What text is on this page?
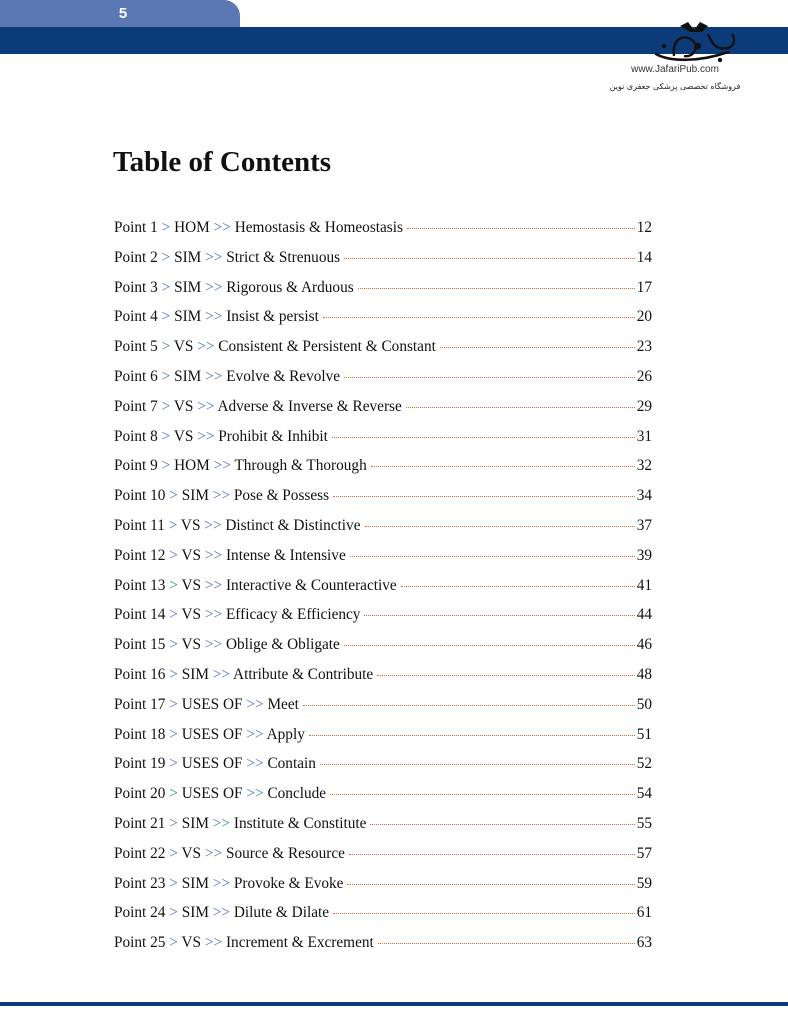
5
www.JafariPub.com
فروشگاه تخصصی پزشکی جعفری نوین
Table of Contents
Point 1 > HOM >> Hemostasis & Homeostasis	12
Point 2 > SIM >> Strict & Strenuous	14
Point 3 > SIM >> Rigorous & Arduous	17
Point 4 > SIM >> Insist & persist	20
Point 5 > VS >> Consistent & Persistent & Constant	23
Point 6 > SIM >> Evolve & Revolve	26
Point 7 > VS >> Adverse & Inverse & Reverse	29
Point 8 > VS >> Prohibit & Inhibit	31
Point 9 > HOM >> Through & Thorough	32
Point 10 > SIM >> Pose & Possess	34
Point 11 > VS >> Distinct & Distinctive	37
Point 12 > VS >> Intense & Intensive	39
Point 13 > VS >> Interactive & Counteractive	41
Point 14 > VS >> Efficacy & Efficiency	44
Point 15 > VS >> Oblige & Obligate	46
Point 16 > SIM >> Attribute & Contribute	48
Point 17 > USES OF >> Meet	50
Point 18 > USES OF >> Apply	51
Point 19 > USES OF >> Contain	52
Point 20 > USES OF >> Conclude	54
Point 21 > SIM >> Institute & Constitute	55
Point 22 > VS >> Source & Resource	57
Point 23 > SIM >> Provoke & Evoke	59
Point 24 > SIM >> Dilute & Dilate	61
Point 25 > VS >> Increment & Excrement	63
